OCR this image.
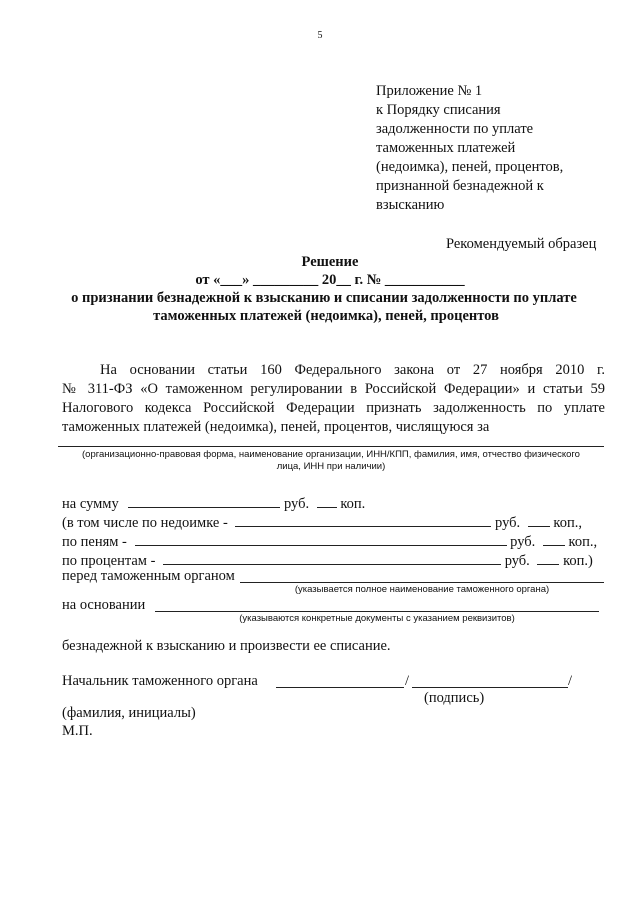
5
Приложение № 1
к Порядку списания
задолженности по уплате
таможенных платежей
(недоимка), пеней, процентов,
признанной безнадежной к
взысканию
Рекомендуемый образец
Решение
от «___» _________ 20__ г. № ___________
о признании безнадежной к взысканию и списании задолженности по уплате
таможенных платежей (недоимка), пеней, процентов
На основании статьи 160 Федерального закона от 27 ноября 2010 г.
№ 311-ФЗ «О таможенном регулировании в Российской Федерации» и статьи 59
Налогового кодекса Российской Федерации признать задолженность по уплате
таможенных платежей (недоимка), пеней, процентов, числящуюся за
(организационно-правовая форма, наименование организации, ИНН/КПП, фамилия, имя, отчество физического
лица, ИНН при наличии)
на сумму	руб. коп.
(в том числе по недоимке -	руб. коп.,
по пеням -	руб. коп.,
по процентам -	руб. коп.)
перед таможенным органом
(указывается полное наименование таможенного органа)
на основании
(указываются конкретные документы с указанием реквизитов)
безнадежной к взысканию и произвести ее списание.
Начальник таможенного органа	/	/
(подпись)
(фамилия, инициалы)
М.П.
